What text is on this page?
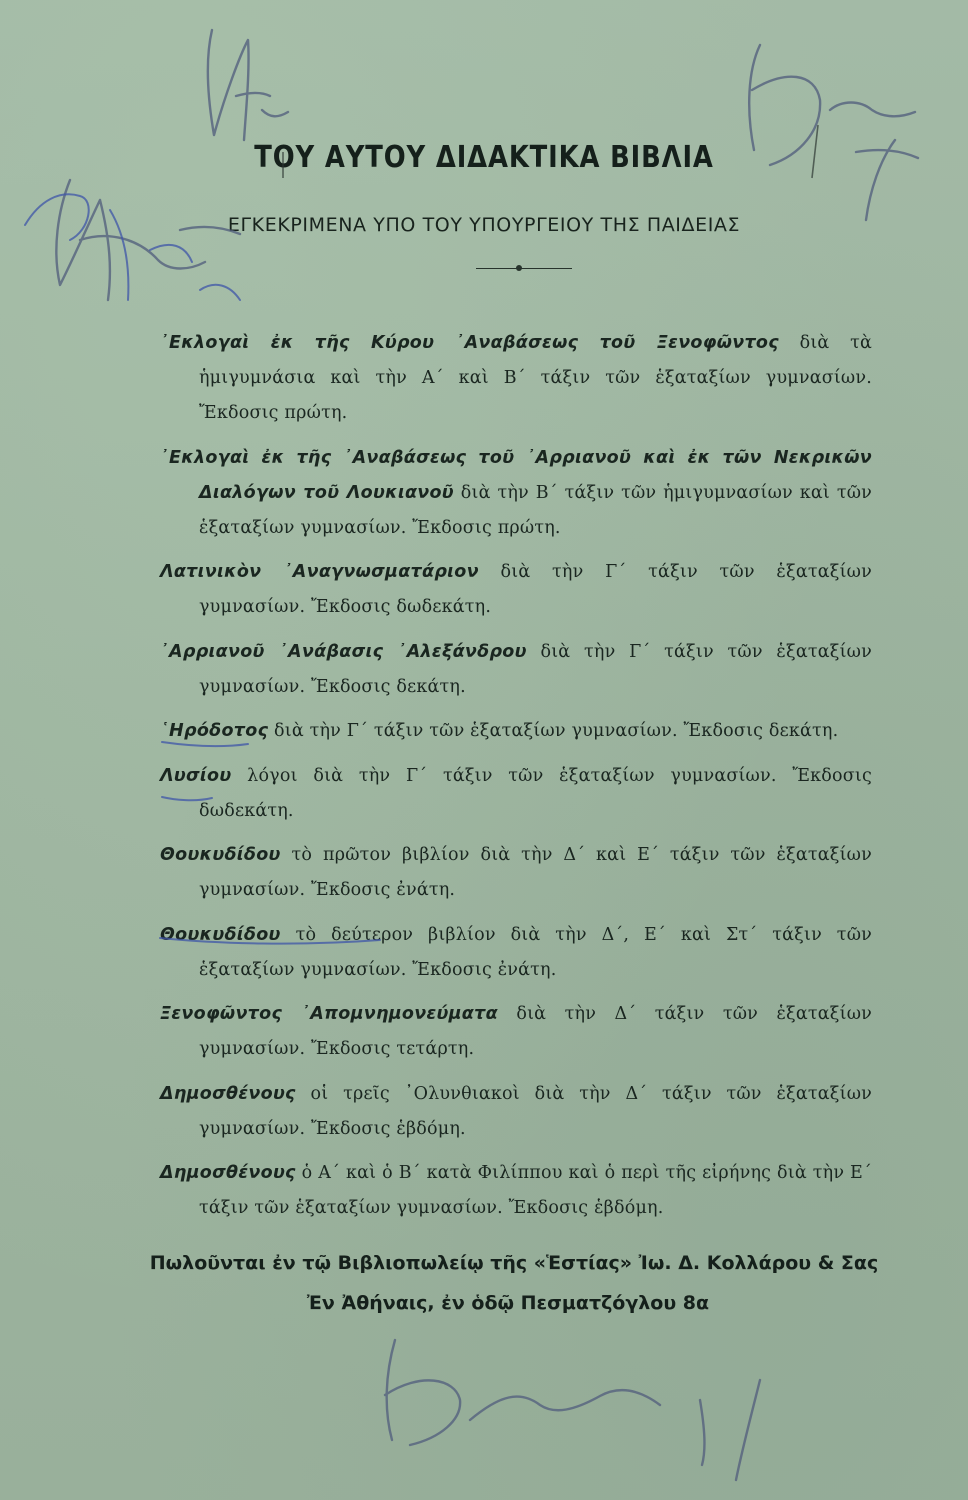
ΤΟΥ ΑΥΤΟΥ ΔΙΔΑΚΤΙΚΑ ΒΙΒΛΙΑ

ΕΓΚΕΚΡΙΜΕΝΑ ΥΠΟ ΤΟΥ ΥΠΟΥΡΓΕΙΟΥ ΤΗΣ ΠΑΙΔΕΙΑΣ

᾿Εκλογαὶ ἐκ τῆς Κύρου ᾿Αναβάσεως τοῦ Ξενοφῶντος διὰ τὰ ἡμιγυμνάσια καὶ τὴν Α΄ καὶ Β΄ τάξιν τῶν ἑξαταξίων γυμνασίων. Ἔκδοσις πρώτη.

᾿Εκλογαὶ ἐκ τῆς ᾿Αναβάσεως τοῦ ᾿Αρριανοῦ καὶ ἐκ τῶν Νεκρικῶν Διαλόγων τοῦ Λουκιανοῦ διὰ τὴν Β΄ τάξιν τῶν ἡμιγυμνασίων καὶ τῶν ἑξαταξίων γυμνασίων. Ἔκδοσις πρώτη.

Λατινικὸν ᾿Αναγνωσματάριον διὰ τὴν Γ΄ τάξιν τῶν ἑξαταξίων γυμνασίων. Ἔκδοσις δωδεκάτη.

᾿Αρριανοῦ ᾿Ανάβασις ᾿Αλεξάνδρου διὰ τὴν Γ΄ τάξιν τῶν ἑξαταξίων γυμνασίων. Ἔκδοσις δεκάτη.

῾Ηρόδοτος διὰ τὴν Γ΄ τάξιν τῶν ἑξαταξίων γυμνασίων. Ἔκδοσις δεκάτη.

Λυσίου λόγοι διὰ τὴν Γ΄ τάξιν τῶν ἑξαταξίων γυμνασίων. Ἔκδοσις δωδεκάτη.

Θουκυδίδου τὸ πρῶτον βιβλίον διὰ τὴν Δ΄ καὶ Ε΄ τάξιν τῶν ἑξαταξίων γυμνασίων. Ἔκδοσις ἐνάτη.

Θουκυδίδου τὸ δεύτερον βιβλίον διὰ τὴν Δ΄, Ε΄ καὶ Στ΄ τάξιν τῶν ἑξαταξίων γυμνασίων. Ἔκδοσις ἐνάτη.

Ξενοφῶντος ᾿Απομνημονεύματα διὰ τὴν Δ΄ τάξιν τῶν ἑξαταξίων γυμνασίων. Ἔκδοσις τετάρτη.

Δημοσθένους οἱ τρεῖς ᾿Ολυνθιακοὶ διὰ τὴν Δ΄ τάξιν τῶν ἑξαταξίων γυμνασίων. Ἔκδοσις ἑβδόμη.

Δημοσθένους ὁ Α΄ καὶ ὁ Β΄ κατὰ Φιλίππου καὶ ὁ περὶ τῆς εἰρήνης διὰ τὴν Ε΄ τάξιν τῶν ἑξαταξίων γυμνασίων. Ἔκδοσις ἑβδόμη.

Πωλοῦνται ἐν τῷ Βιβλιοπωλείῳ τῆς «Ἑστίας» Ἰω. Δ. Κολλάρου & Σας

Ἐν Ἀθήναις, ἐν ὁδῷ Πεσματζόγλου 8α
